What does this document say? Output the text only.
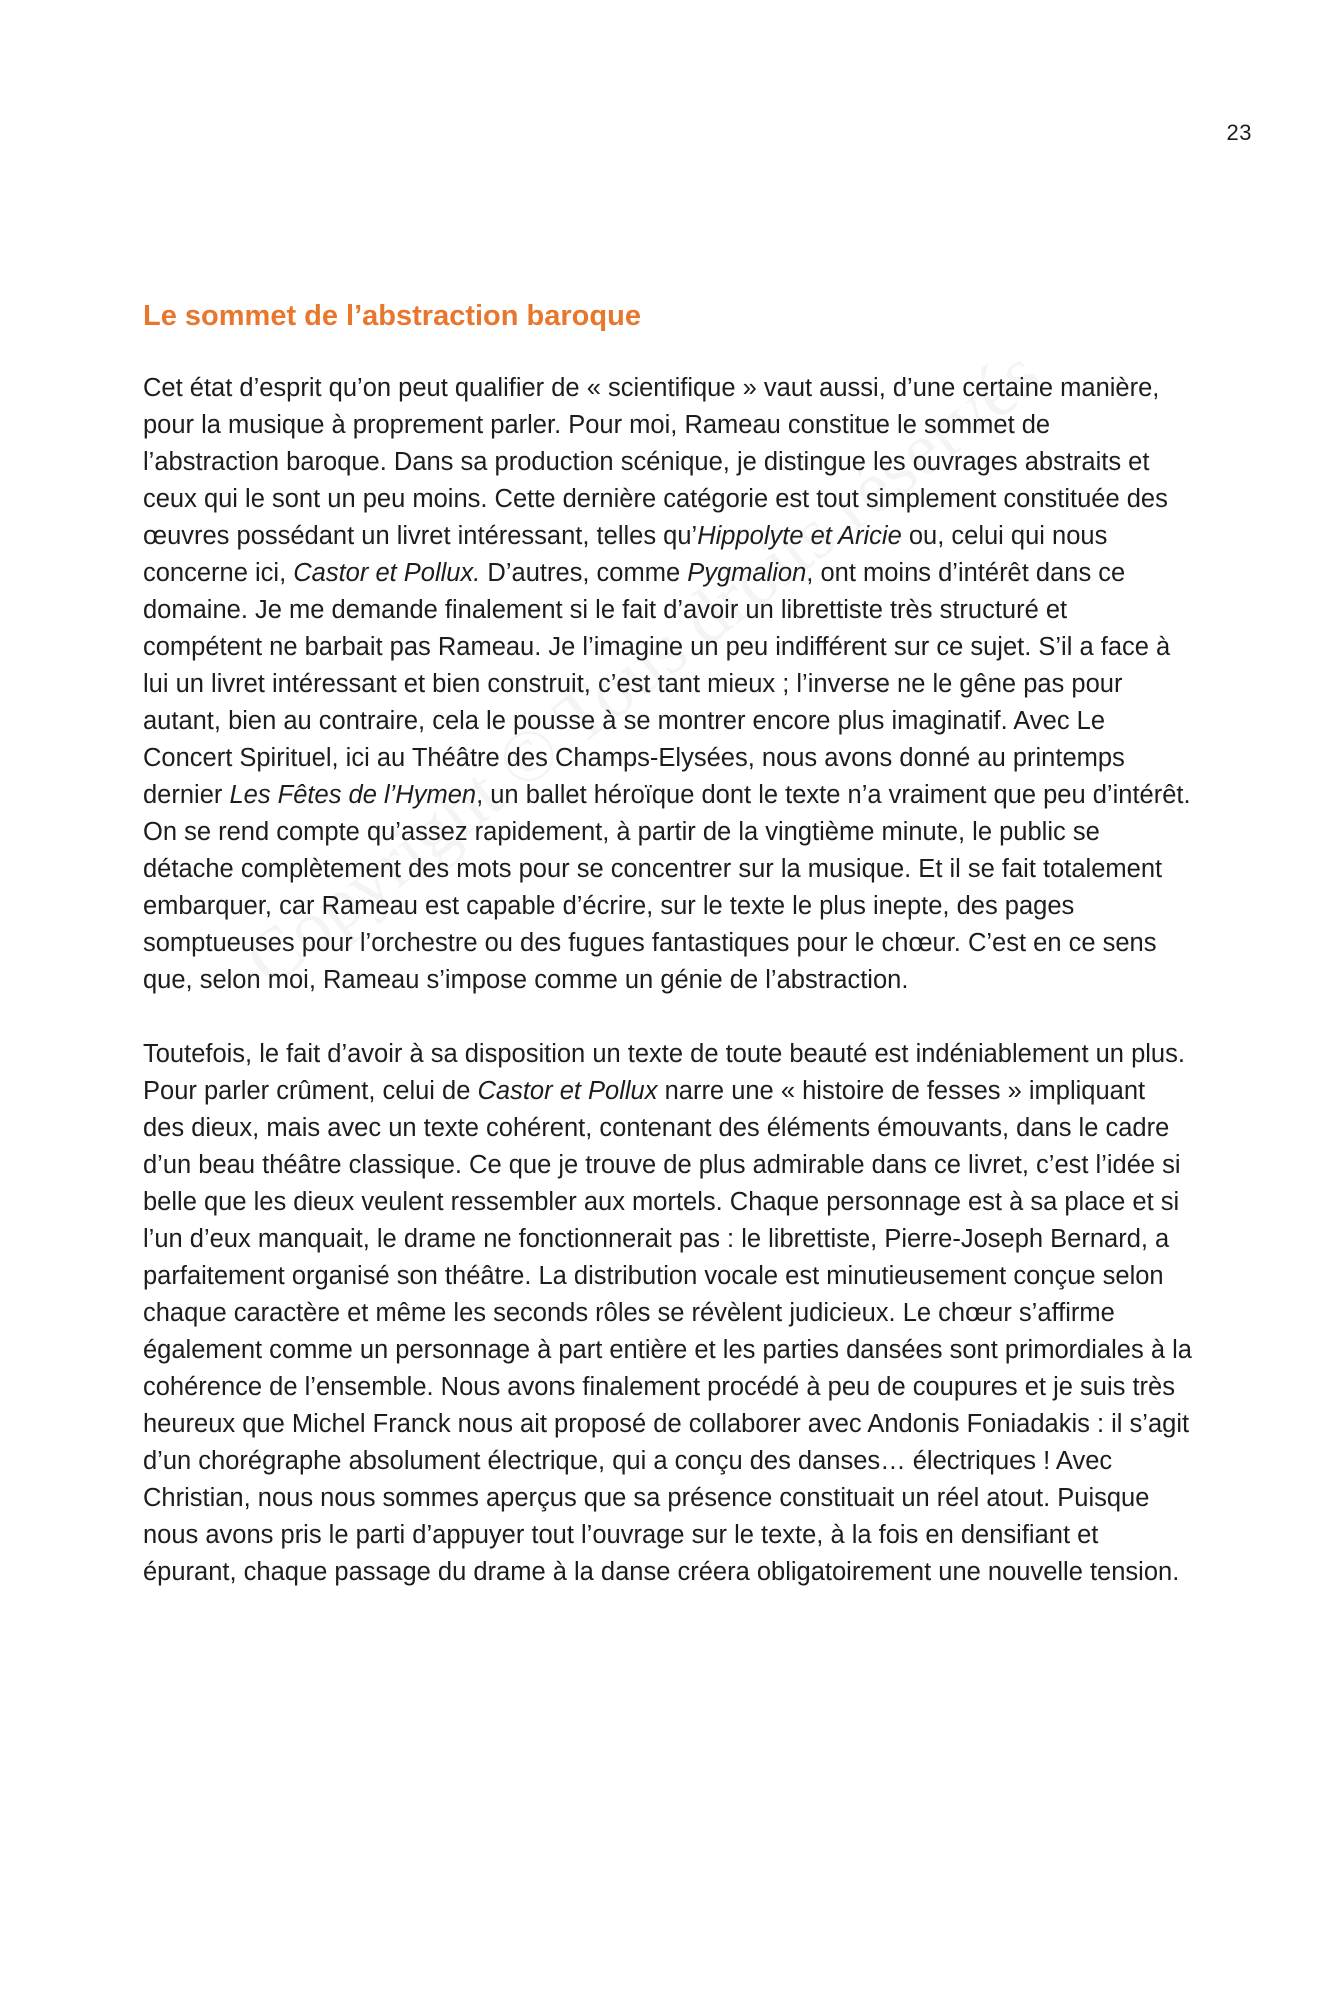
23
Le sommet de l’abstraction baroque

Cet état d’esprit qu’on peut qualifier de « scientifique » vaut aussi, d’une certaine manière, pour la musique à proprement parler. Pour moi, Rameau constitue le sommet de l’abstraction baroque. Dans sa production scénique, je distingue les ouvrages abstraits et ceux qui le sont un peu moins. Cette dernière catégorie est tout simplement constituée des œuvres possédant un livret intéressant, telles qu’Hippolyte et Aricie ou, celui qui nous concerne ici, Castor et Pollux. D’autres, comme Pygmalion, ont moins d’intérêt dans ce domaine. Je me demande finalement si le fait d’avoir un librettiste très structuré et compétent ne barbait pas Rameau. Je l’imagine un peu indifférent sur ce sujet. S’il a face à lui un livret intéressant et bien construit, c’est tant mieux ; l’inverse ne le gêne pas pour autant, bien au contraire, cela le pousse à se montrer encore plus imaginatif. Avec Le Concert Spirituel, ici au Théâtre des Champs-Elysées, nous avons donné au printemps dernier Les Fêtes de l’Hymen, un ballet héroïque dont le texte n’a vraiment que peu d’intérêt. On se rend compte qu’assez rapidement, à partir de la vingtième minute, le public se détache complètement des mots pour se concentrer sur la musique. Et il se fait totalement embarquer, car Rameau est capable d’écrire, sur le texte le plus inepte, des pages somptueuses pour l’orchestre ou des fugues fantastiques pour le chœur. C’est en ce sens que, selon moi, Rameau s’impose comme un génie de l’abstraction.

Toutefois, le fait d’avoir à sa disposition un texte de toute beauté est indéniablement un plus. Pour parler crûment, celui de Castor et Pollux narre une « histoire de fesses » impliquant des dieux, mais avec un texte cohérent, contenant des éléments émouvants, dans le cadre d’un beau théâtre classique. Ce que je trouve de plus admirable dans ce livret, c’est l’idée si belle que les dieux veulent ressembler aux mortels. Chaque personnage est à sa place et si l’un d’eux manquait, le drame ne fonctionnerait pas : le librettiste, Pierre-Joseph Bernard, a parfaitement organisé son théâtre. La distribution vocale est minutieusement conçue selon chaque caractère et même les seconds rôles se révèlent judicieux. Le chœur s’affirme également comme un personnage à part entière et les parties dansées sont primordiales à la cohérence de l’ensemble. Nous avons finalement procédé à peu de coupures et je suis très heureux que Michel Franck nous ait proposé de collaborer avec Andonis Foniadakis : il s’agit d’un chorégraphe absolument électrique, qui a conçu des danses… électriques ! Avec Christian, nous nous sommes aperçus que sa présence constituait un réel atout. Puisque nous avons pris le parti d’appuyer tout l’ouvrage sur le texte, à la fois en densifiant et épurant, chaque passage du drame à la danse créera obligatoirement une nouvelle tension.
